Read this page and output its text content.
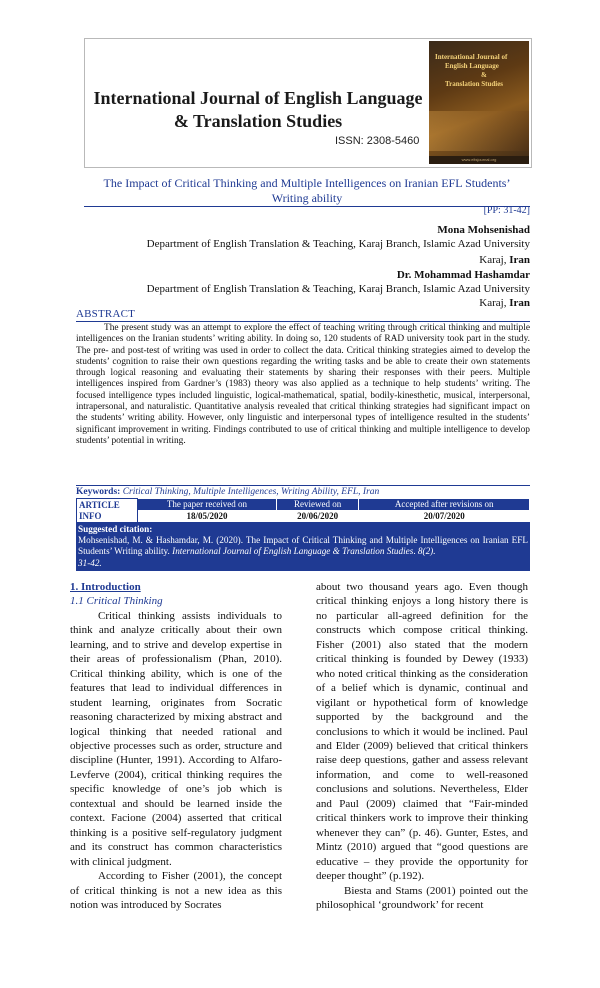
International Journal of English Language
& Translation Studies
ISSN: 2308-5460
International Journal of
English Language
&
Translation Studies
www.eltsjournal.org
The Impact of Critical Thinking and Multiple Intelligences on Iranian EFL Students’
Writing ability
[PP: 31-42]
Mona Mohsenishad
Department of English Translation & Teaching, Karaj Branch, Islamic Azad University
Karaj, Iran
Dr. Mohammad Hashamdar
Department of English Translation & Teaching, Karaj Branch, Islamic Azad University
Karaj, Iran
ABSTRACT
The present study was an attempt to explore the effect of teaching writing through critical thinking and multiple intelligences on the Iranian students’ writing ability. In doing so, 120 students of RAD university took part in the study. The pre- and post-test of writing was used in order to collect the data. Critical thinking strategies aimed to develop the students’ cognition to raise their own questions regarding the writing tasks and be able to create their own statements through logical reasoning and evaluating their statements by sharing their responses with their peers. Multiple intelligences inspired from Gardner’s (1983) theory was also applied as a technique to help students’ writing. The focused intelligence types included linguistic, logical-mathematical, spatial, bodily-kinesthetic, musical, interpersonal, intrapersonal, and naturalistic. Quantitative analysis revealed that critical thinking strategies had significant impact on the students’ writing ability. However, only linguistic and interpersonal types of intelligence resulted in the students’ significant improvement in writing. Findings contributed to use of critical thinking and multiple intelligence to develop students’ potential in writing.
Keywords: Critical Thinking, Multiple Intelligences, Writing Ability, EFL, Iran
ARTICLE
INFO	The paper received on	Reviewed on	Accepted after revisions on
	18/05/2020	20/06/2020	20/07/2020
Suggested citation:
Mohsenishad, M. & Hashamdar, M. (2020). The Impact of Critical Thinking and Multiple Intelligences on Iranian EFL Students’ Writing ability. International Journal of English Language & Translation Studies. 8(2).
31-42.

1. Introduction

1.1 Critical Thinking

Critical thinking assists individuals to think and analyze critically about their own learning, and to strive and develop expertise in their areas of professionalism (Phan, 2010). Critical thinking ability, which is one of the features that lead to individual differences in student learning, originates from Socratic reasoning characterized by mixing abstract and logical thinking that needed rational and objective processes such as order, structure and discipline (Hunter, 1991). According to Alfaro-Levferve (2004), critical thinking requires the specific knowledge of one’s job which is contextual and should be learned inside the context. Facione (2004) asserted that critical thinking is a positive self-regulatory judgment and its construct has common characteristics with clinical judgment.

According to Fisher (2001), the concept of critical thinking is not a new idea as this notion was introduced by Socrates

about two thousand years ago. Even though critical thinking enjoys a long history there is no particular all-agreed definition for the constructs which compose critical thinking. Fisher (2001) also stated that the modern critical thinking is founded by Dewey (1933) who noted critical thinking as the consideration of a belief which is dynamic, continual and vigilant or hypothetical form of knowledge supported by the background and the conclusions to which it would be inclined. Paul and Elder (2009) believed that critical thinkers raise deep questions, gather and assess relevant information, and come to well-reasoned conclusions and solutions. Nevertheless, Elder and Paul (2009) claimed that “Fair-minded critical thinkers work to improve their thinking whenever they can” (p. 46). Gunter, Estes, and Mintz (2010) argued that “good questions are educative – they provide the opportunity for deeper thought” (p.192).

Biesta and Stams (2001) pointed out the philosophical ‘groundwork’ for recent
